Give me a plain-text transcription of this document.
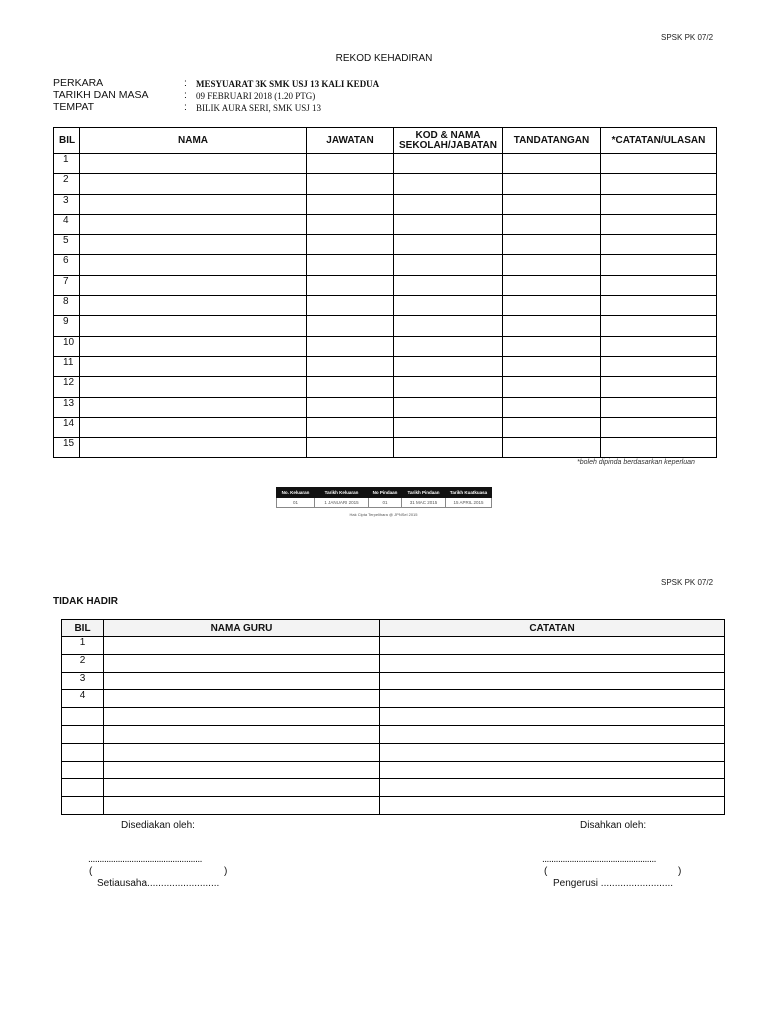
SPSK PK 07/2
REKOD KEHADIRAN
PERKARA	: MESYUARAT 3K SMK USJ 13 KALI KEDUA
TARIKH DAN MASA	: 09 FEBRUARI 2018 (1.20 PTG)
TEMPAT	: BILIK AURA SERI, SMK USJ 13
BIL	NAMA	JAWATAN	KOD & NAMA
SEKOLAH/JABATAN	TANDATANGAN	*CATATAN/ULASAN
1					
2					
3					
4					
5					
6					
7					
8					
9					
10					
11					
12					
13					
14					
15					
*boleh dipinda berdasarkan keperluan
No. Keluaran	Tarikh Keluaran	No Pindaan	Tarikh Pindaan	Tarikh Kuatkuasa
01	1 JANUARI 2015	01	31 MAC 2015	15 APRIL 2015
Hak Cipta Terpelihara @ JPNSel 2015
SPSK PK 07/2
TIDAK HADIR
BIL	NAMA GURU	CATATAN
1		
2		
3		
4		

Disediakan oleh:
..................................................
(	)
Setiausaha..........................
Disahkan oleh:
..................................................
(	)
Pengerusi ..........................
